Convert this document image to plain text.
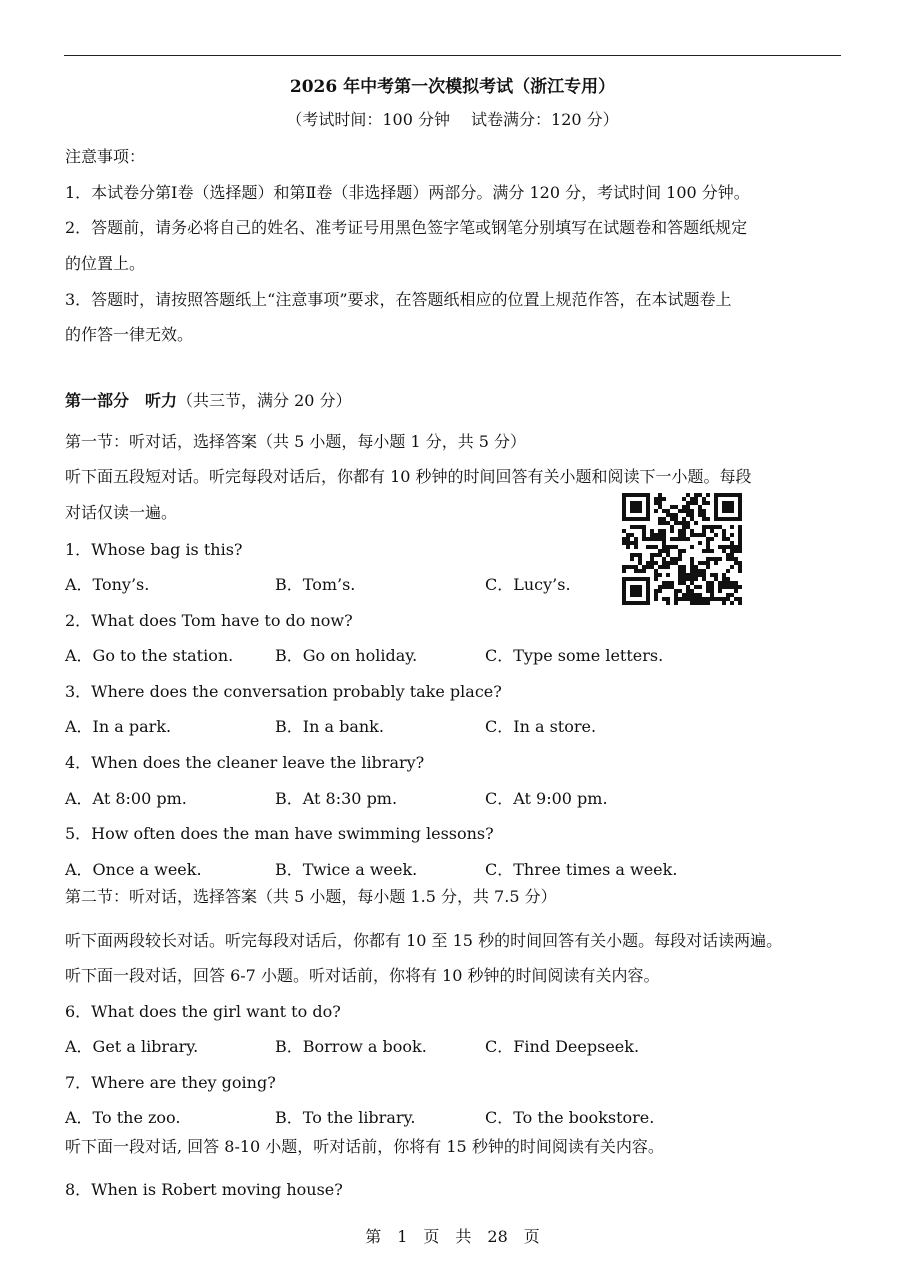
2026 年中考第一次模拟考试（浙江专用）
（考试时间：100 分钟　 试卷满分：120 分）
注意事项：
1．本试卷分第Ⅰ卷（选择题）和第Ⅱ卷（非选择题）两部分。满分 120 分，考试时间 100 分钟。
2．答题前，请务必将自己的姓名、准考证号用黑色签字笔或钢笔分别填写在试题卷和答题纸规定
的位置上。
3．答题时，请按照答题纸上“注意事项”要求，在答题纸相应的位置上规范作答，在本试题卷上
的作答一律无效。
第一部分　听力（共三节，满分 20 分）
第一节：听对话，选择答案（共 5 小题，每小题 1 分，共 5 分）
听下面五段短对话。听完每段对话后，你都有 10 秒钟的时间回答有关小题和阅读下一小题。每段
对话仅读一遍。
1．Whose bag is this?
A．Tony’s.	B．Tom’s.	C．Lucy’s.
2．What does Tom have to do now?
A．Go to the station.	B．Go on holiday.	C．Type some letters.
3．Where does the conversation probably take place?
A．In a park.	B．In a bank.	C．In a store.
4．When does the cleaner leave the library?
A．At 8:00 pm.	B．At 8:30 pm.	C．At 9:00 pm.
5．How often does the man have swimming lessons?
A．Once a week.	B．Twice a week.	C．Three times a week.
第二节：听对话，选择答案（共 5 小题，每小题 1.5 分，共 7.5 分）
听下面两段较长对话。听完每段对话后，你都有 10 至 15 秒的时间回答有关小题。每段对话读两遍。
听下面一段对话，回答 6-7 小题。听对话前，你将有 10 秒钟的时间阅读有关内容。
6．What does the girl want to do?
A．Get a library.	B．Borrow a book.	C．Find Deepseek.
7．Where are they going?
A．To the zoo.	B．To the library.	C．To the bookstore.
听下面一段对话, 回答 8-10 小题，听对话前，你将有 15 秒钟的时间阅读有关内容。
8．When is Robert moving house?
第　1　页　共　28　页
